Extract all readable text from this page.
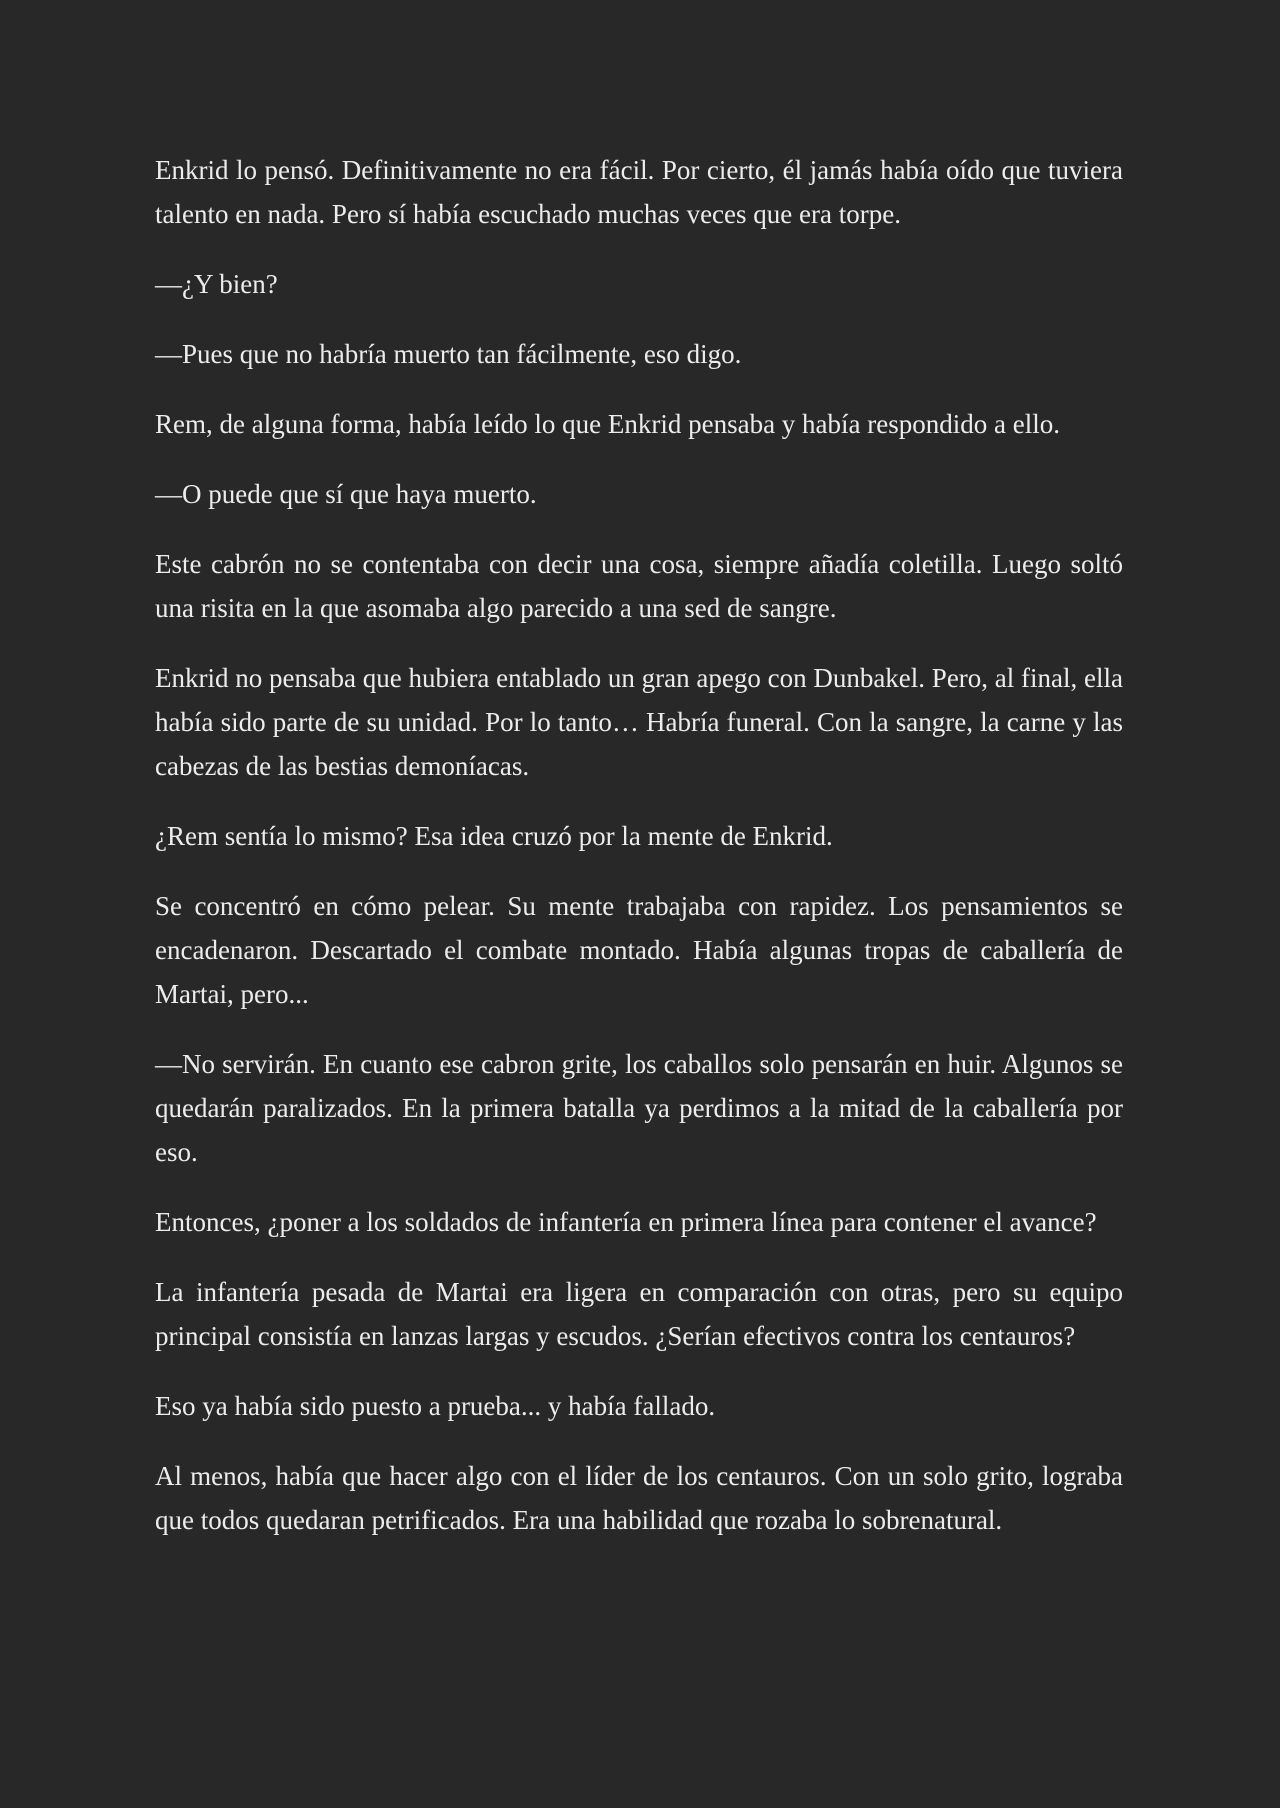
Enkrid lo pensó. Definitivamente no era fácil. Por cierto, él jamás había oído que tuviera talento en nada. Pero sí había escuchado muchas veces que era torpe.

—¿Y bien?

—Pues que no habría muerto tan fácilmente, eso digo.

Rem, de alguna forma, había leído lo que Enkrid pensaba y había respondido a ello.

—O puede que sí que haya muerto.

Este cabrón no se contentaba con decir una cosa, siempre añadía coletilla. Luego soltó una risita en la que asomaba algo parecido a una sed de sangre.

Enkrid no pensaba que hubiera entablado un gran apego con Dunbakel. Pero, al final, ella había sido parte de su unidad. Por lo tanto… Habría funeral. Con la sangre, la carne y las cabezas de las bestias demoníacas.

¿Rem sentía lo mismo? Esa idea cruzó por la mente de Enkrid.

Se concentró en cómo pelear. Su mente trabajaba con rapidez. Los pensamientos se encadenaron. Descartado el combate montado. Había algunas tropas de caballería de Martai, pero...

—No servirán. En cuanto ese cabron grite, los caballos solo pensarán en huir. Algunos se quedarán paralizados. En la primera batalla ya perdimos a la mitad de la caballería por eso.

Entonces, ¿poner a los soldados de infantería en primera línea para contener el avance?

La infantería pesada de Martai era ligera en comparación con otras, pero su equipo principal consistía en lanzas largas y escudos. ¿Serían efectivos contra los centauros?

Eso ya había sido puesto a prueba... y había fallado.

Al menos, había que hacer algo con el líder de los centauros. Con un solo grito, lograba que todos quedaran petrificados. Era una habilidad que rozaba lo sobrenatural.
